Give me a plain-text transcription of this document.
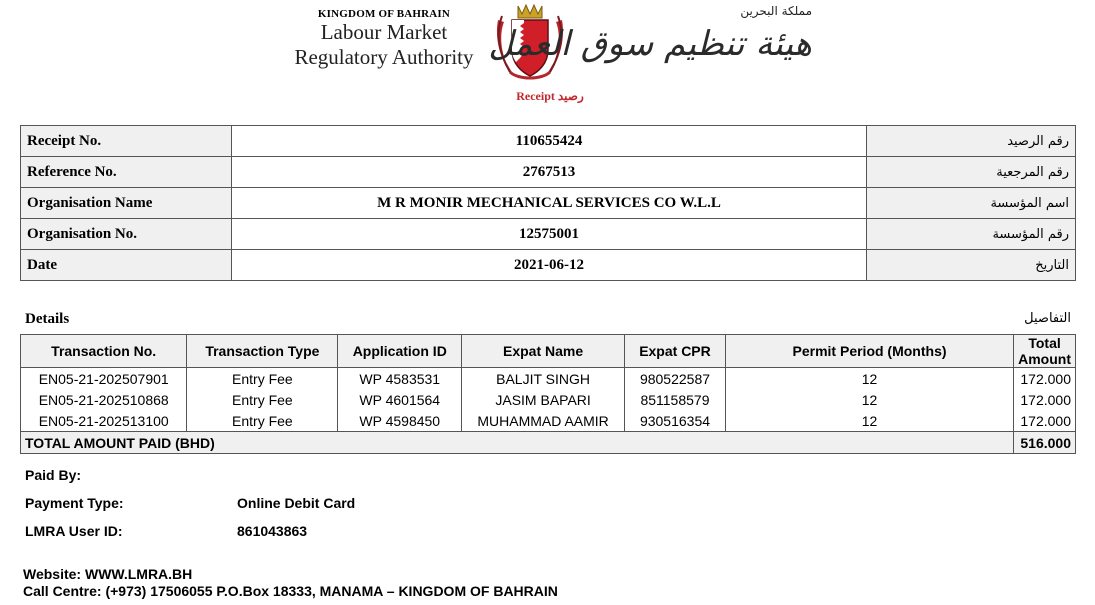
KINGDOM OF BAHRAIN
Labour Market
Regulatory Authority
مملكة البحرين
هيئة تنظيم سوق العمل
Receipt رصيد
Receipt No.	110655424	رقم الرصيد
Reference No.	2767513	رقم المرجعية
Organisation Name	M R MONIR MECHANICAL SERVICES CO W.L.L	اسم المؤسسة
Organisation No.	12575001	رقم المؤسسة
Date	2021-06-12	التاريخ
Details	التفاصيل
Transaction No.	Transaction Type	Application ID	Expat Name	Expat CPR	Permit Period (Months)	Total Amount
EN05-21-202507901	Entry Fee	WP 4583531	BALJIT SINGH	980522587	12	172.000
EN05-21-202510868	Entry Fee	WP 4601564	JASIM BAPARI	851158579	12	172.000
EN05-21-202513100	Entry Fee	WP 4598450	MUHAMMAD AAMIR	930516354	12	172.000
TOTAL AMOUNT PAID (BHD)						516.000
Paid By:
Payment Type:	Online Debit Card
LMRA User ID:	861043863
Website: WWW.LMRA.BH
Call Centre: (+973) 17506055 P.O.Box 18333, MANAMA – KINGDOM OF BAHRAIN
